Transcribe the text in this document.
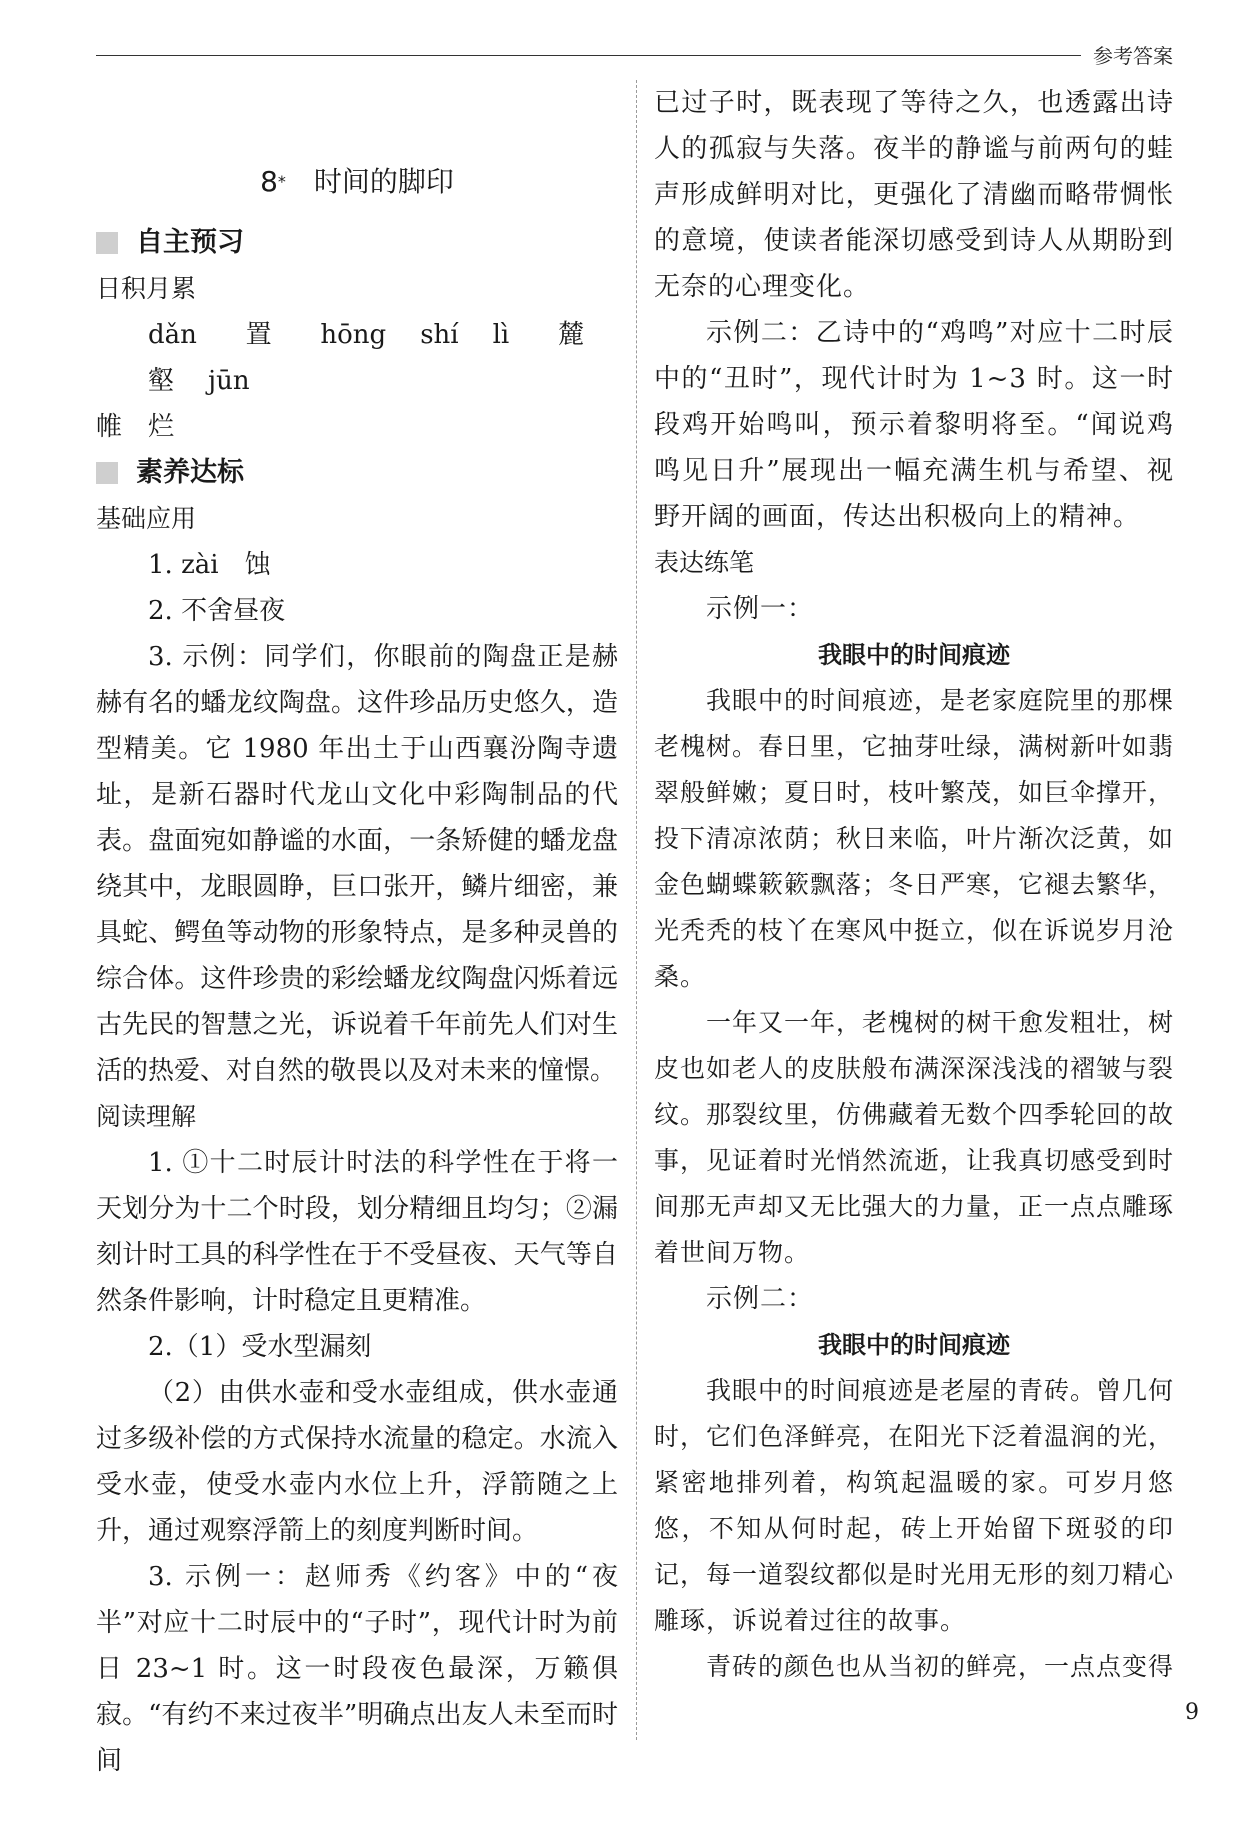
参考答案
8* 时间的脚印
自主预习
日积月累
dǎn 置 hōng shí lì 麓壑 jūn
帷　烂
素养达标
基础应用

1. zài　蚀

2. 不舍昼夜

3. 示例：同学们，你眼前的陶盘正是赫赫有名的蟠龙纹陶盘。这件珍品历史悠久，造型精美。它 1980 年出土于山西襄汾陶寺遗址，是新石器时代龙山文化中彩陶制品的代表。盘面宛如静谧的水面，一条矫健的蟠龙盘绕其中，龙眼圆睁，巨口张开，鳞片细密，兼具蛇、鳄鱼等动物的形象特点，是多种灵兽的综合体。这件珍贵的彩绘蟠龙纹陶盘闪烁着远古先民的智慧之光，诉说着千年前先人们对生活的热爱、对自然的敬畏以及对未来的憧憬。

阅读理解

1. ①十二时辰计时法的科学性在于将一天划分为十二个时段，划分精细且均匀；②漏刻计时工具的科学性在于不受昼夜、天气等自然条件影响，计时稳定且更精准。

2.（1）受水型漏刻

（2）由供水壶和受水壶组成，供水壶通过多级补偿的方式保持水流量的稳定。水流入受水壶，使受水壶内水位上升，浮箭随之上升，通过观察浮箭上的刻度判断时间。

3. 示例一：赵师秀《约客》中的“夜半”对应十二时辰中的“子时”，现代计时为前日 23~1 时。这一时段夜色最深，万籁俱寂。“有约不来过夜半”明确点出友人未至而时间

已过子时，既表现了等待之久，也透露出诗人的孤寂与失落。夜半的静谧与前两句的蛙声形成鲜明对比，更强化了清幽而略带惆怅的意境，使读者能深切感受到诗人从期盼到无奈的心理变化。

示例二：乙诗中的“鸡鸣”对应十二时辰中的“丑时”，现代计时为 1~3 时。这一时段鸡开始鸣叫，预示着黎明将至。“闻说鸡鸣见日升”展现出一幅充满生机与希望、视野开阔的画面，传达出积极向上的精神。

表达练笔

示例一：

我眼中的时间痕迹

我眼中的时间痕迹，是老家庭院里的那棵老槐树。春日里，它抽芽吐绿，满树新叶如翡翠般鲜嫩；夏日时，枝叶繁茂，如巨伞撑开，投下清凉浓荫；秋日来临，叶片渐次泛黄，如金色蝴蝶簌簌飘落；冬日严寒，它褪去繁华，光秃秃的枝丫在寒风中挺立，似在诉说岁月沧桑。

一年又一年，老槐树的树干愈发粗壮，树皮也如老人的皮肤般布满深深浅浅的褶皱与裂纹。那裂纹里，仿佛藏着无数个四季轮回的故事，见证着时光悄然流逝，让我真切感受到时间那无声却又无比强大的力量，正一点点雕琢着世间万物。

示例二：

我眼中的时间痕迹

我眼中的时间痕迹是老屋的青砖。曾几何时，它们色泽鲜亮，在阳光下泛着温润的光，紧密地排列着，构筑起温暖的家。可岁月悠悠，不知从何时起，砖上开始留下斑驳的印记，每一道裂纹都似是时光用无形的刻刀精心雕琢，诉说着过往的故事。

青砖的颜色也从当初的鲜亮，一点点变得

9
